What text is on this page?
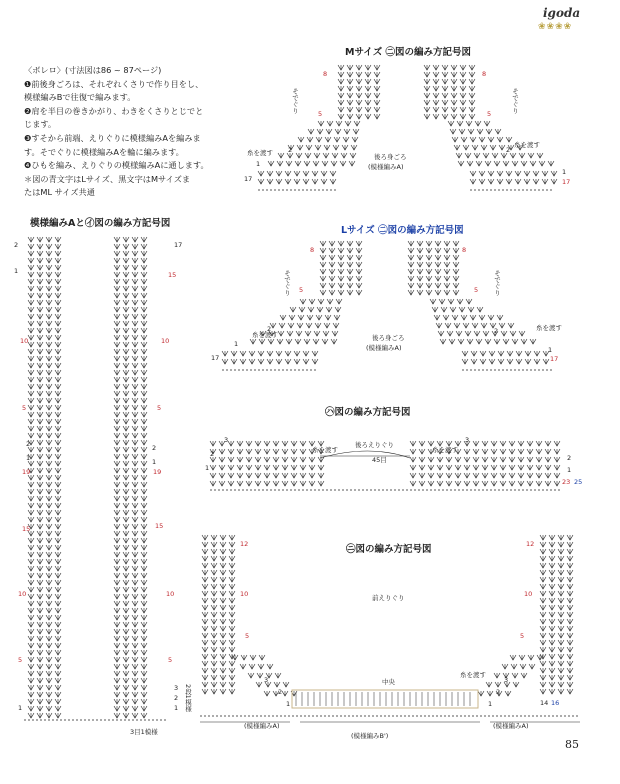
igoda
❀❀❀❀
〈ボレロ〉(寸法図は86 ~ 87ページ)
❶前後身ごろは、それぞれくさりで作り目をし、
模様編みBで往復で編みます。
❷肩を半目の巻きかがり、わきをくさりとじでと
じます。
❸すそから前端、えりぐりに模様編みAを編みま
す。そでぐりに模様編みAを輪に編みます。
❹ひもを編み、えりぐりの模様編みAに通します。
＊図の青文字はLサイズ、黒文字はMサイズま
たはML サイズ共通
Mサイズ ㊁図の編み方記号図
後ろ身ごろ
(模様編みA)
そでぐり	そでぐり
糸を渡す
糸を渡す
8
5
2
1
17
8
5
2
1
17
Lサイズ ㊁図の編み方記号図
後ろ身ごろ
(模様編みA)
そでぐり	そでぐり
糸を渡す
糸を渡す
8
5
2
1
17
8
5
2
1
17
模様編みAと㋑図の編み方記号図
2
1
10
5
2
1
19
15
10
5
1
17
15
10
5
2
1
19
15
10
5
3
2
1 2段1模様
3目1模様
㋩図の編み方記号図
後ろえりぐり
45目
糸を渡す	糸を渡す
3
2
1
3
2
1
23 25
㋥図の編み方記号図
前えりぐり
中央
糸を渡す
(模様編みA)
(模様編みB')
(模様編みA)
12
10
5
3
2
1
12
10
5
3
2
1	14 16
85
